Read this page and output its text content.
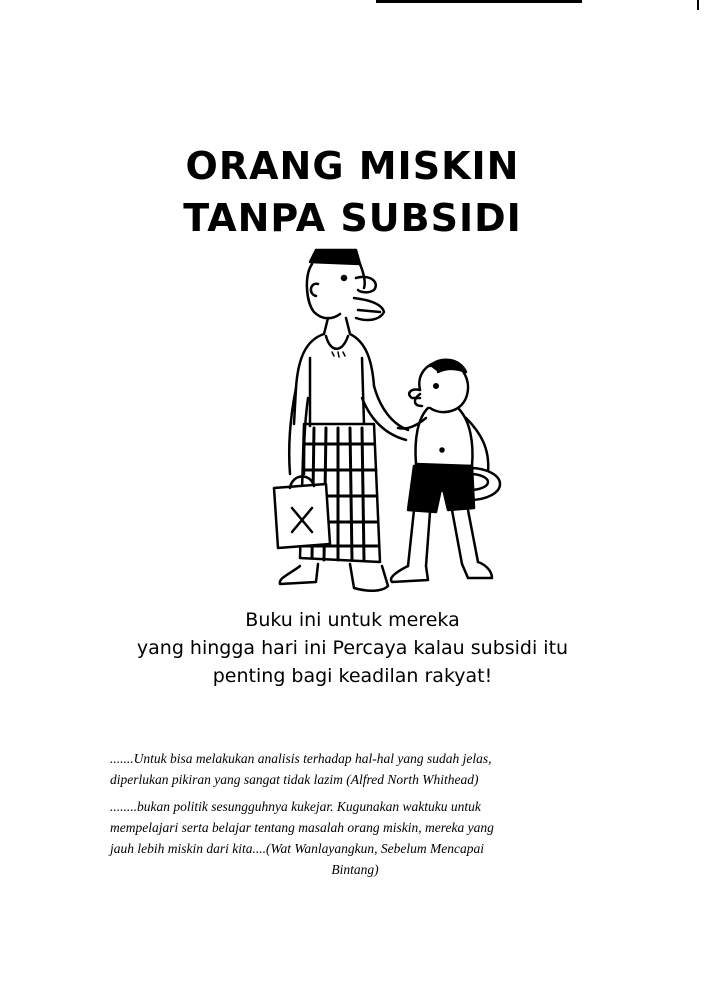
ORANG MISKIN
TANPA SUBSIDI
Buku ini untuk mereka
yang hingga hari ini Percaya kalau subsidi itu
penting bagi keadilan rakyat!
.......Untuk bisa melakukan analisis terhadap hal-hal yang sudah jelas,
diperlukan pikiran yang sangat tidak lazim (Alfred North Whithead)
........bukan politik sesungguhnya kukejar. Kugunakan waktuku untuk
mempelajari serta belajar tentang masalah orang miskin, mereka yang
jauh lebih miskin dari kita....(Wat Wanlayangkun, Sebelum Mencapai
Bintang)
